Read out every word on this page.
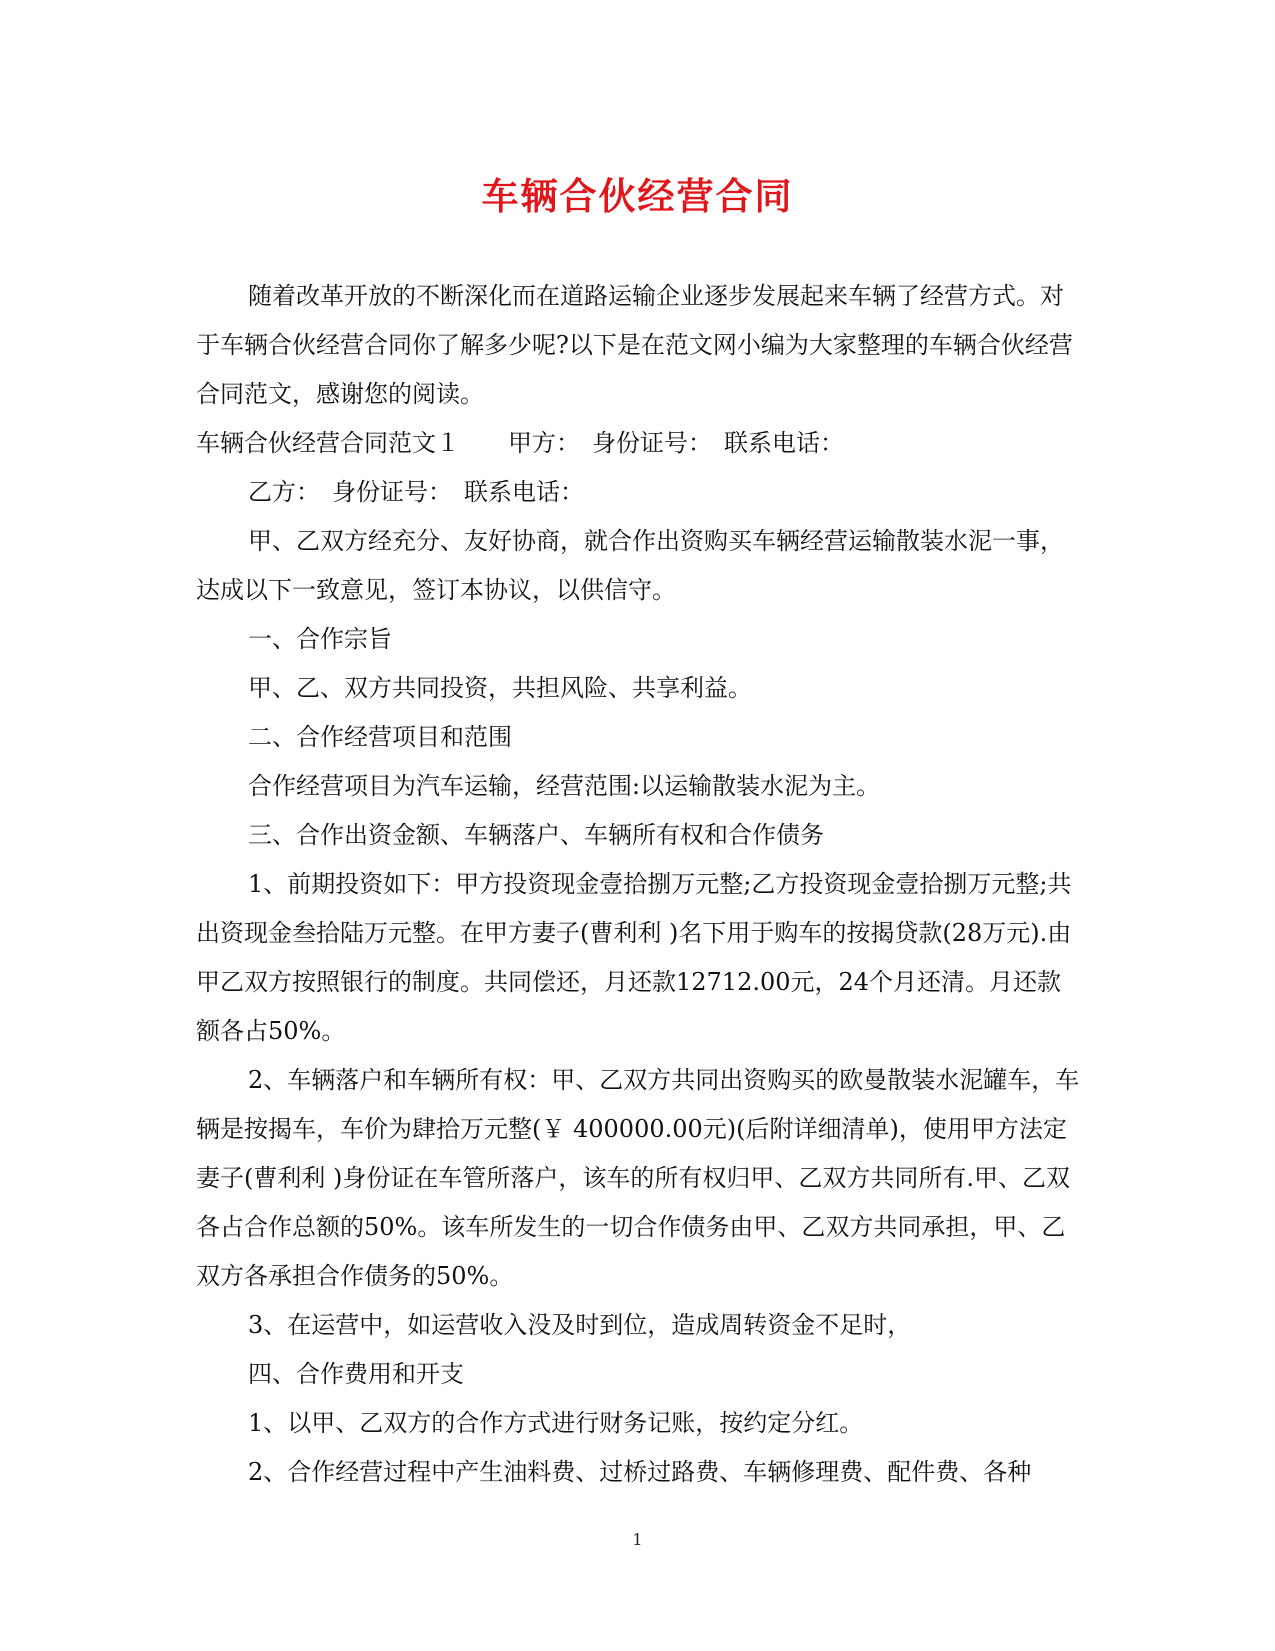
车辆合伙经营合同

随着改革开放的不断深化而在道路运输企业逐步发展起来车辆了经营方式。对于车辆合伙经营合同你了解多少呢?以下是在范文网小编为大家整理的车辆合伙经营合同范文，感谢您的阅读。

车辆合伙经营合同范文１　　甲方：　身份证号：　联系电话：

乙方：　身份证号：　联系电话：

甲、乙双方经充分、友好协商，就合作出资购买车辆经营运输散装水泥一事，达成以下一致意见，签订本协议，以供信守。

一、合作宗旨

甲、乙、双方共同投资，共担风险、共享利益。

二、合作经营项目和范围

合作经营项目为汽车运输，经营范围:以运输散装水泥为主。

三、合作出资金额、车辆落户、车辆所有权和合作债务

1、前期投资如下：甲方投资现金壹拾捌万元整;乙方投资现金壹拾捌万元整;共出资现金叁拾陆万元整。在甲方妻子(曹利利 )名下用于购车的按揭贷款(28万元).由甲乙双方按照银行的制度。共同偿还，月还款12712.00元，24个月还清。月还款额各占50%。

2、车辆落户和车辆所有权：甲、乙双方共同出资购买的欧曼散装水泥罐车，车辆是按揭车，车价为肆拾万元整(￥ 400000.00元)(后附详细清单)，使用甲方法定妻子(曹利利 )身份证在车管所落户，该车的所有权归甲、乙双方共同所有.甲、乙双各占合作总额的50%。该车所发生的一切合作债务由甲、乙双方共同承担，甲、乙双方各承担合作债务的50%。

3、在运营中，如运营收入没及时到位，造成周转资金不足时，

四、合作费用和开支

1、以甲、乙双方的合作方式进行财务记账，按约定分红。

2、合作经营过程中产生油料费、过桥过路费、车辆修理费、配件费、各种

1
